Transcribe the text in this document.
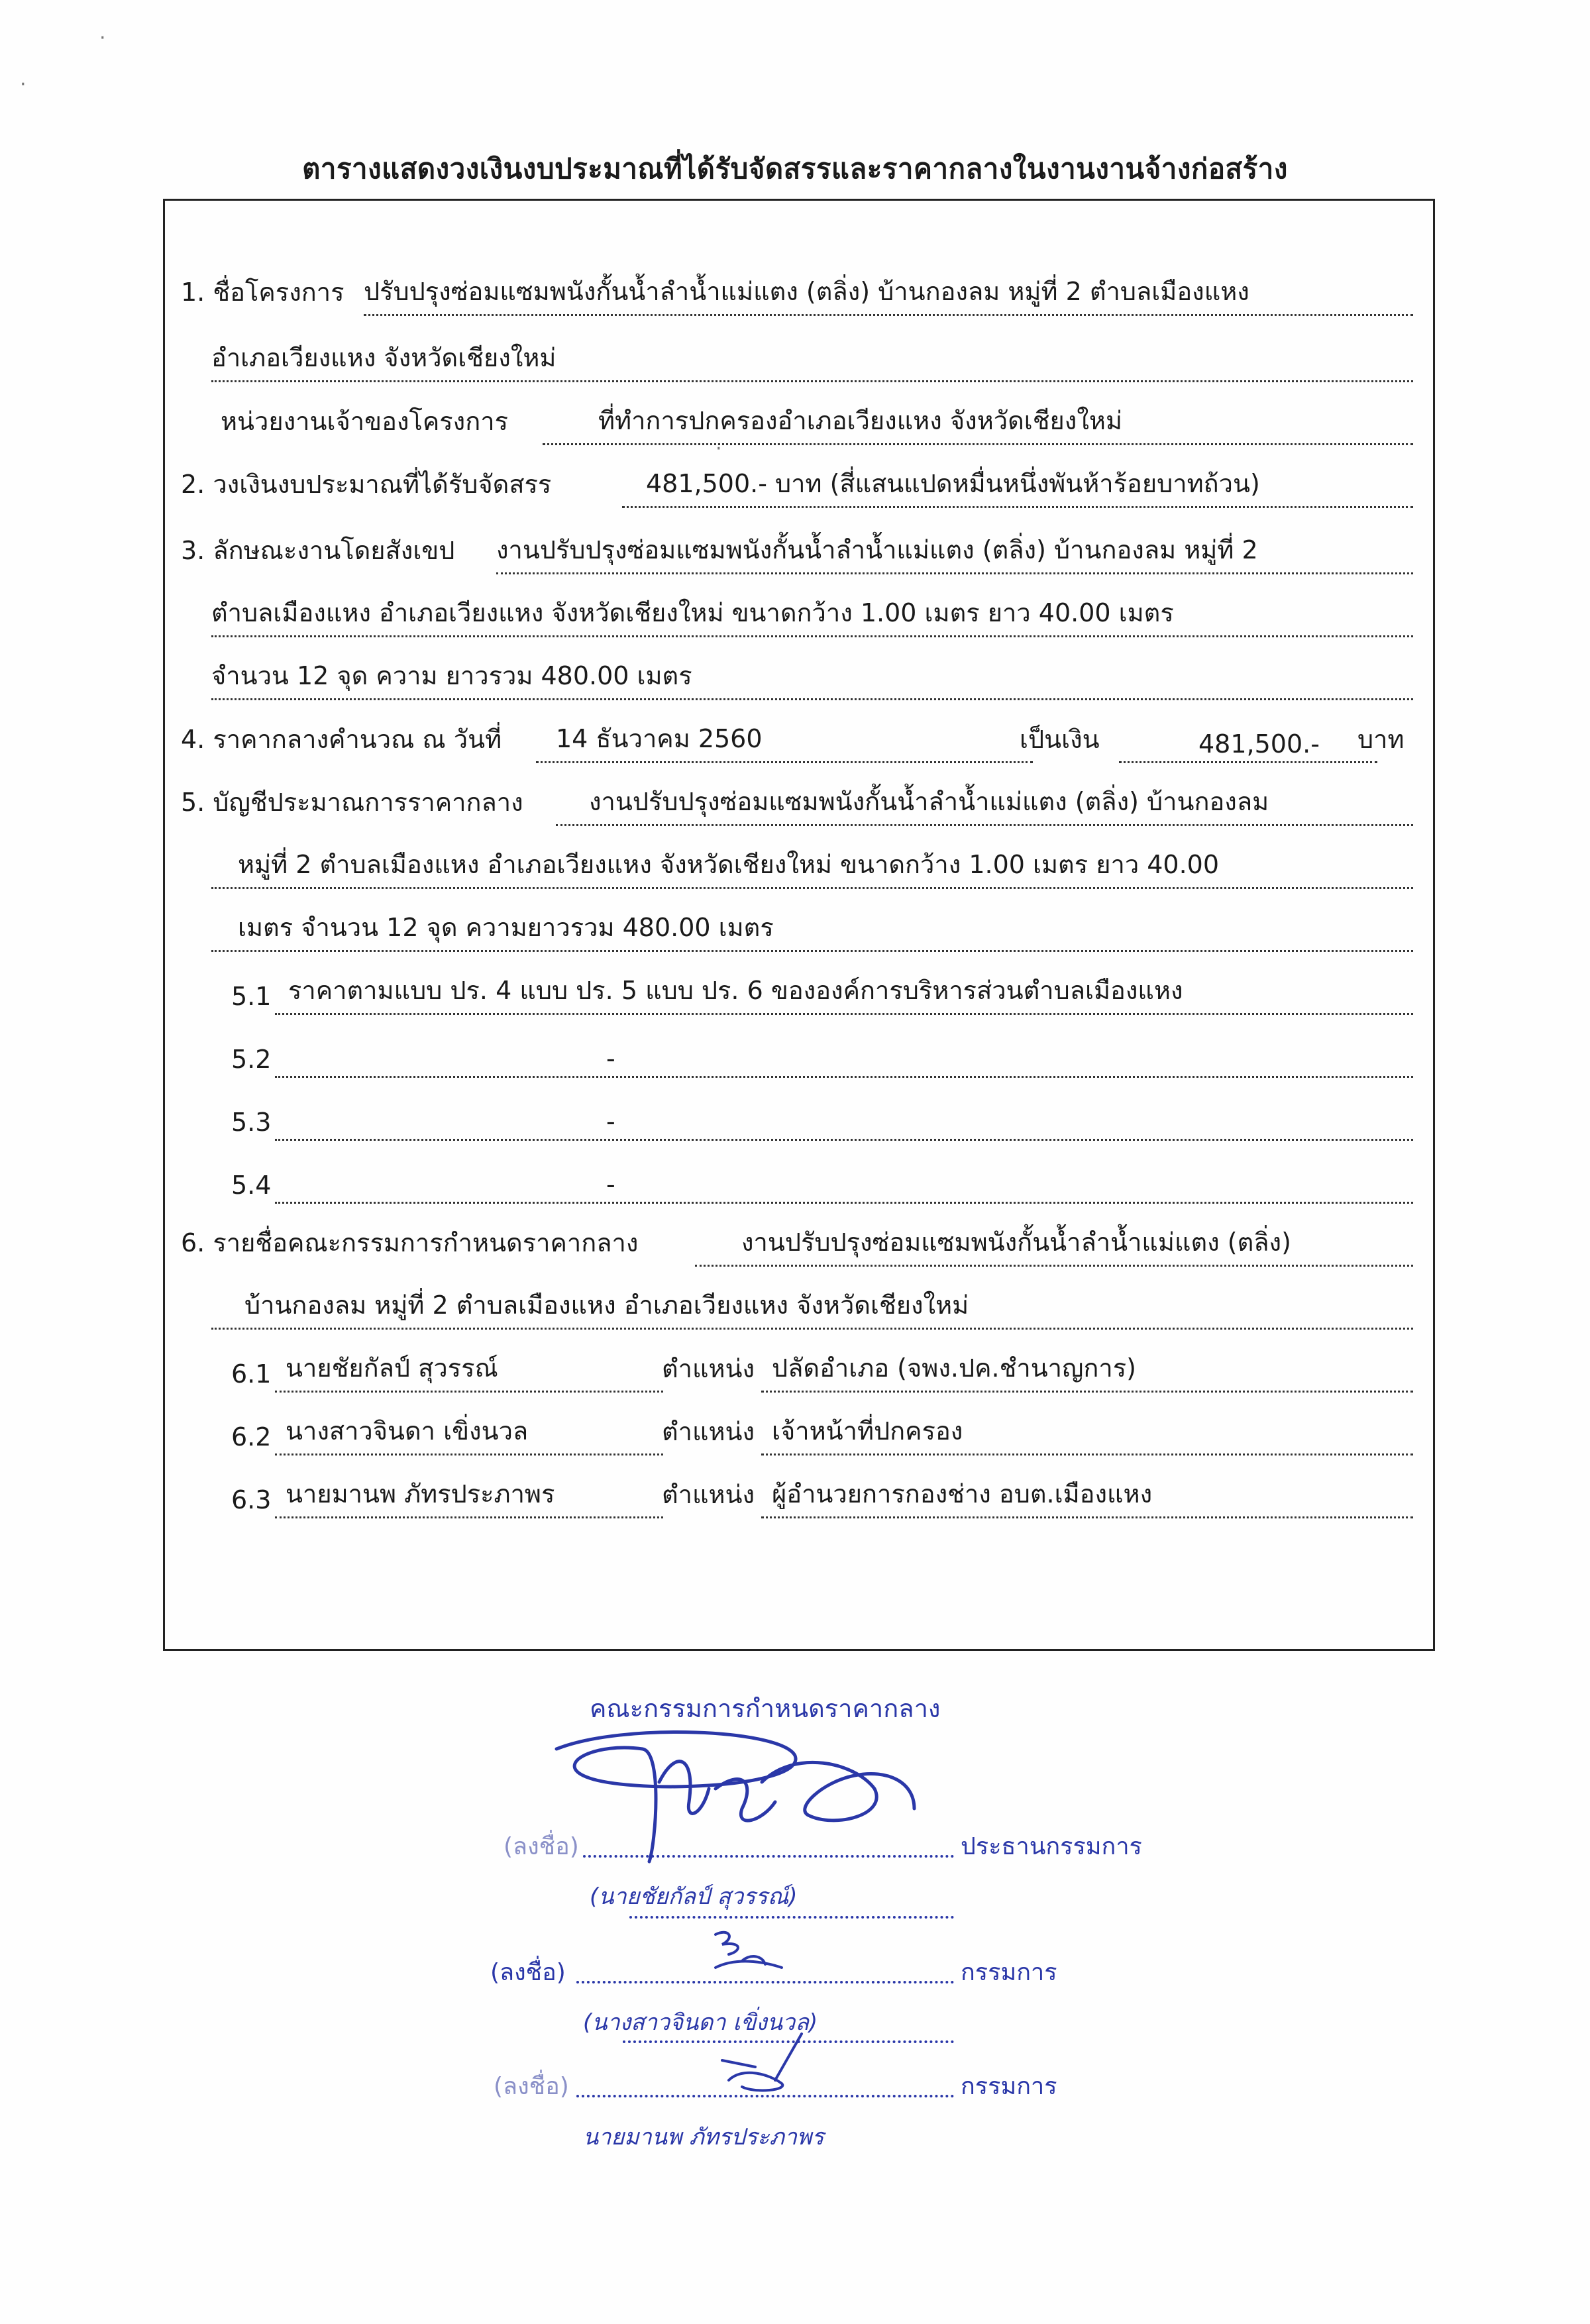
ตารางแสดงวงเงินงบประมาณที่ได้รับจัดสรรและราคากลางในงานงานจ้างก่อสร้าง
1. ชื่อโครงการ ปรับปรุงซ่อมแซมพนังกั้นน้ำลำน้ำแม่แตง (ตลิ่ง) บ้านกองลม หมู่ที่ 2 ตำบลเมืองแหง
อำเภอเวียงแหง จังหวัดเชียงใหม่
หน่วยงานเจ้าของโครงการ	ที่ทำการปกครองอำเภอเวียงแหง จังหวัดเชียงใหม่
2. วงเงินงบประมาณที่ได้รับจัดสรร	481,500.- บาท (สี่แสนแปดหมื่นหนึ่งพันห้าร้อยบาทถ้วน)
3. ลักษณะงานโดยสังเขป งานปรับปรุงซ่อมแซมพนังกั้นน้ำลำน้ำแม่แตง (ตลิ่ง) บ้านกองลม หมู่ที่ 2
ตำบลเมืองแหง อำเภอเวียงแหง จังหวัดเชียงใหม่ ขนาดกว้าง 1.00 เมตร ยาว 40.00 เมตร
จำนวน 12 จุด ความ ยาวรวม 480.00 เมตร
4. ราคากลางคำนวณ ณ วันที่	14 ธันวาคม 2560	เป็นเงิน	481,500.-	บาท
5. บัญชีประมาณการราคากลาง	งานปรับปรุงซ่อมแซมพนังกั้นน้ำลำน้ำแม่แตง (ตลิ่ง) บ้านกองลม
หมู่ที่ 2 ตำบลเมืองแหง อำเภอเวียงแหง จังหวัดเชียงใหม่ ขนาดกว้าง 1.00 เมตร ยาว 40.00
เมตร จำนวน 12 จุด ความยาวรวม 480.00 เมตร
5.1 ราคาตามแบบ ปร. 4 แบบ ปร. 5 แบบ ปร. 6 ขององค์การบริหารส่วนตำบลเมืองแหง
5.2	-
5.3	-
5.4	-
6. รายชื่อคณะกรรมการกำหนดราคากลาง	งานปรับปรุงซ่อมแซมพนังกั้นน้ำลำน้ำแม่แตง (ตลิ่ง)
บ้านกองลม หมู่ที่ 2 ตำบลเมืองแหง อำเภอเวียงแหง จังหวัดเชียงใหม่
6.1 นายชัยกัลป์ สุวรรณ์	ตำแหน่ง ปลัดอำเภอ (จพง.ปค.ชำนาญการ)
6.2 นางสาวจินดา เขิ่งนวล	ตำแหน่ง เจ้าหน้าที่ปกครอง
6.3 นายมานพ ภัทรประภาพร	ตำแหน่ง ผู้อำนวยการกองช่าง อบต.เมืองแหง
คณะกรรมการกำหนดราคากลาง
(ลงชื่อ)	ประธานกรรมการ
(นายชัยกัลป์ สุวรรณ์)
(ลงชื่อ)	กรรมการ
(นางสาวจินดา เขิ่งนวล)
(ลงชื่อ)	กรรมการ
นายมานพ ภัทรประภาพร
·
·
·
